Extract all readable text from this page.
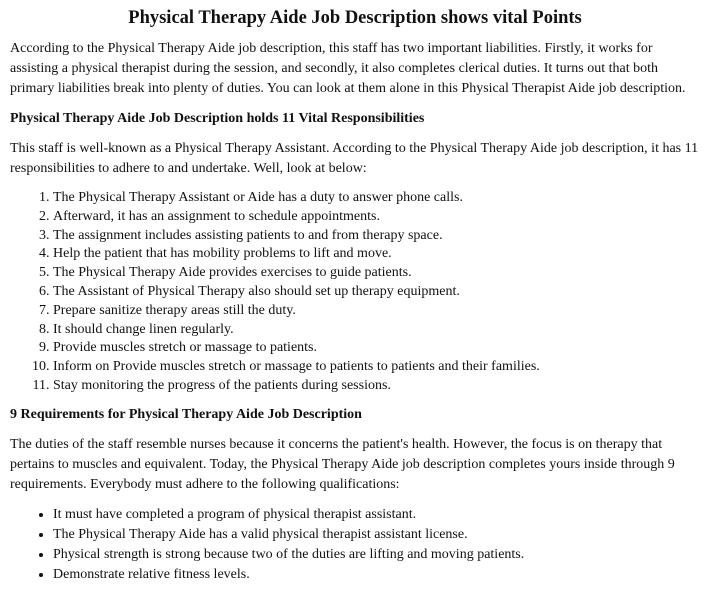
Physical Therapy Aide Job Description shows vital Points

According to the Physical Therapy Aide job description, this staff has two important liabilities. Firstly, it works for assisting a physical therapist during the session, and secondly, it also completes clerical duties. It turns out that both primary liabilities break into plenty of duties. You can look at them alone in this Physical Therapist Aide job description.

Physical Therapy Aide Job Description holds 11 Vital Responsibilities

This staff is well-known as a Physical Therapy Assistant. According to the Physical Therapy Aide job description, it has 11 responsibilities to adhere to and undertake. Well, look at below:

1. The Physical Therapy Assistant or Aide has a duty to answer phone calls.
2. Afterward, it has an assignment to schedule appointments.
3. The assignment includes assisting patients to and from therapy space.
4. Help the patient that has mobility problems to lift and move.
5. The Physical Therapy Aide provides exercises to guide patients.
6. The Assistant of Physical Therapy also should set up therapy equipment.
7. Prepare sanitize therapy areas still the duty.
8. It should change linen regularly.
9. Provide muscles stretch or massage to patients.
10. Inform on Provide muscles stretch or massage to patients to patients and their families.
11. Stay monitoring the progress of the patients during sessions.
9 Requirements for Physical Therapy Aide Job Description

The duties of the staff resemble nurses because it concerns the patient's health. However, the focus is on therapy that pertains to muscles and equivalent. Today, the Physical Therapy Aide job description completes yours inside through 9 requirements. Everybody must adhere to the following qualifications:

• It must have completed a program of physical therapist assistant.
• The Physical Therapy Aide has a valid physical therapist assistant license.
• Physical strength is strong because two of the duties are lifting and moving patients.
• Demonstrate relative fitness levels.
